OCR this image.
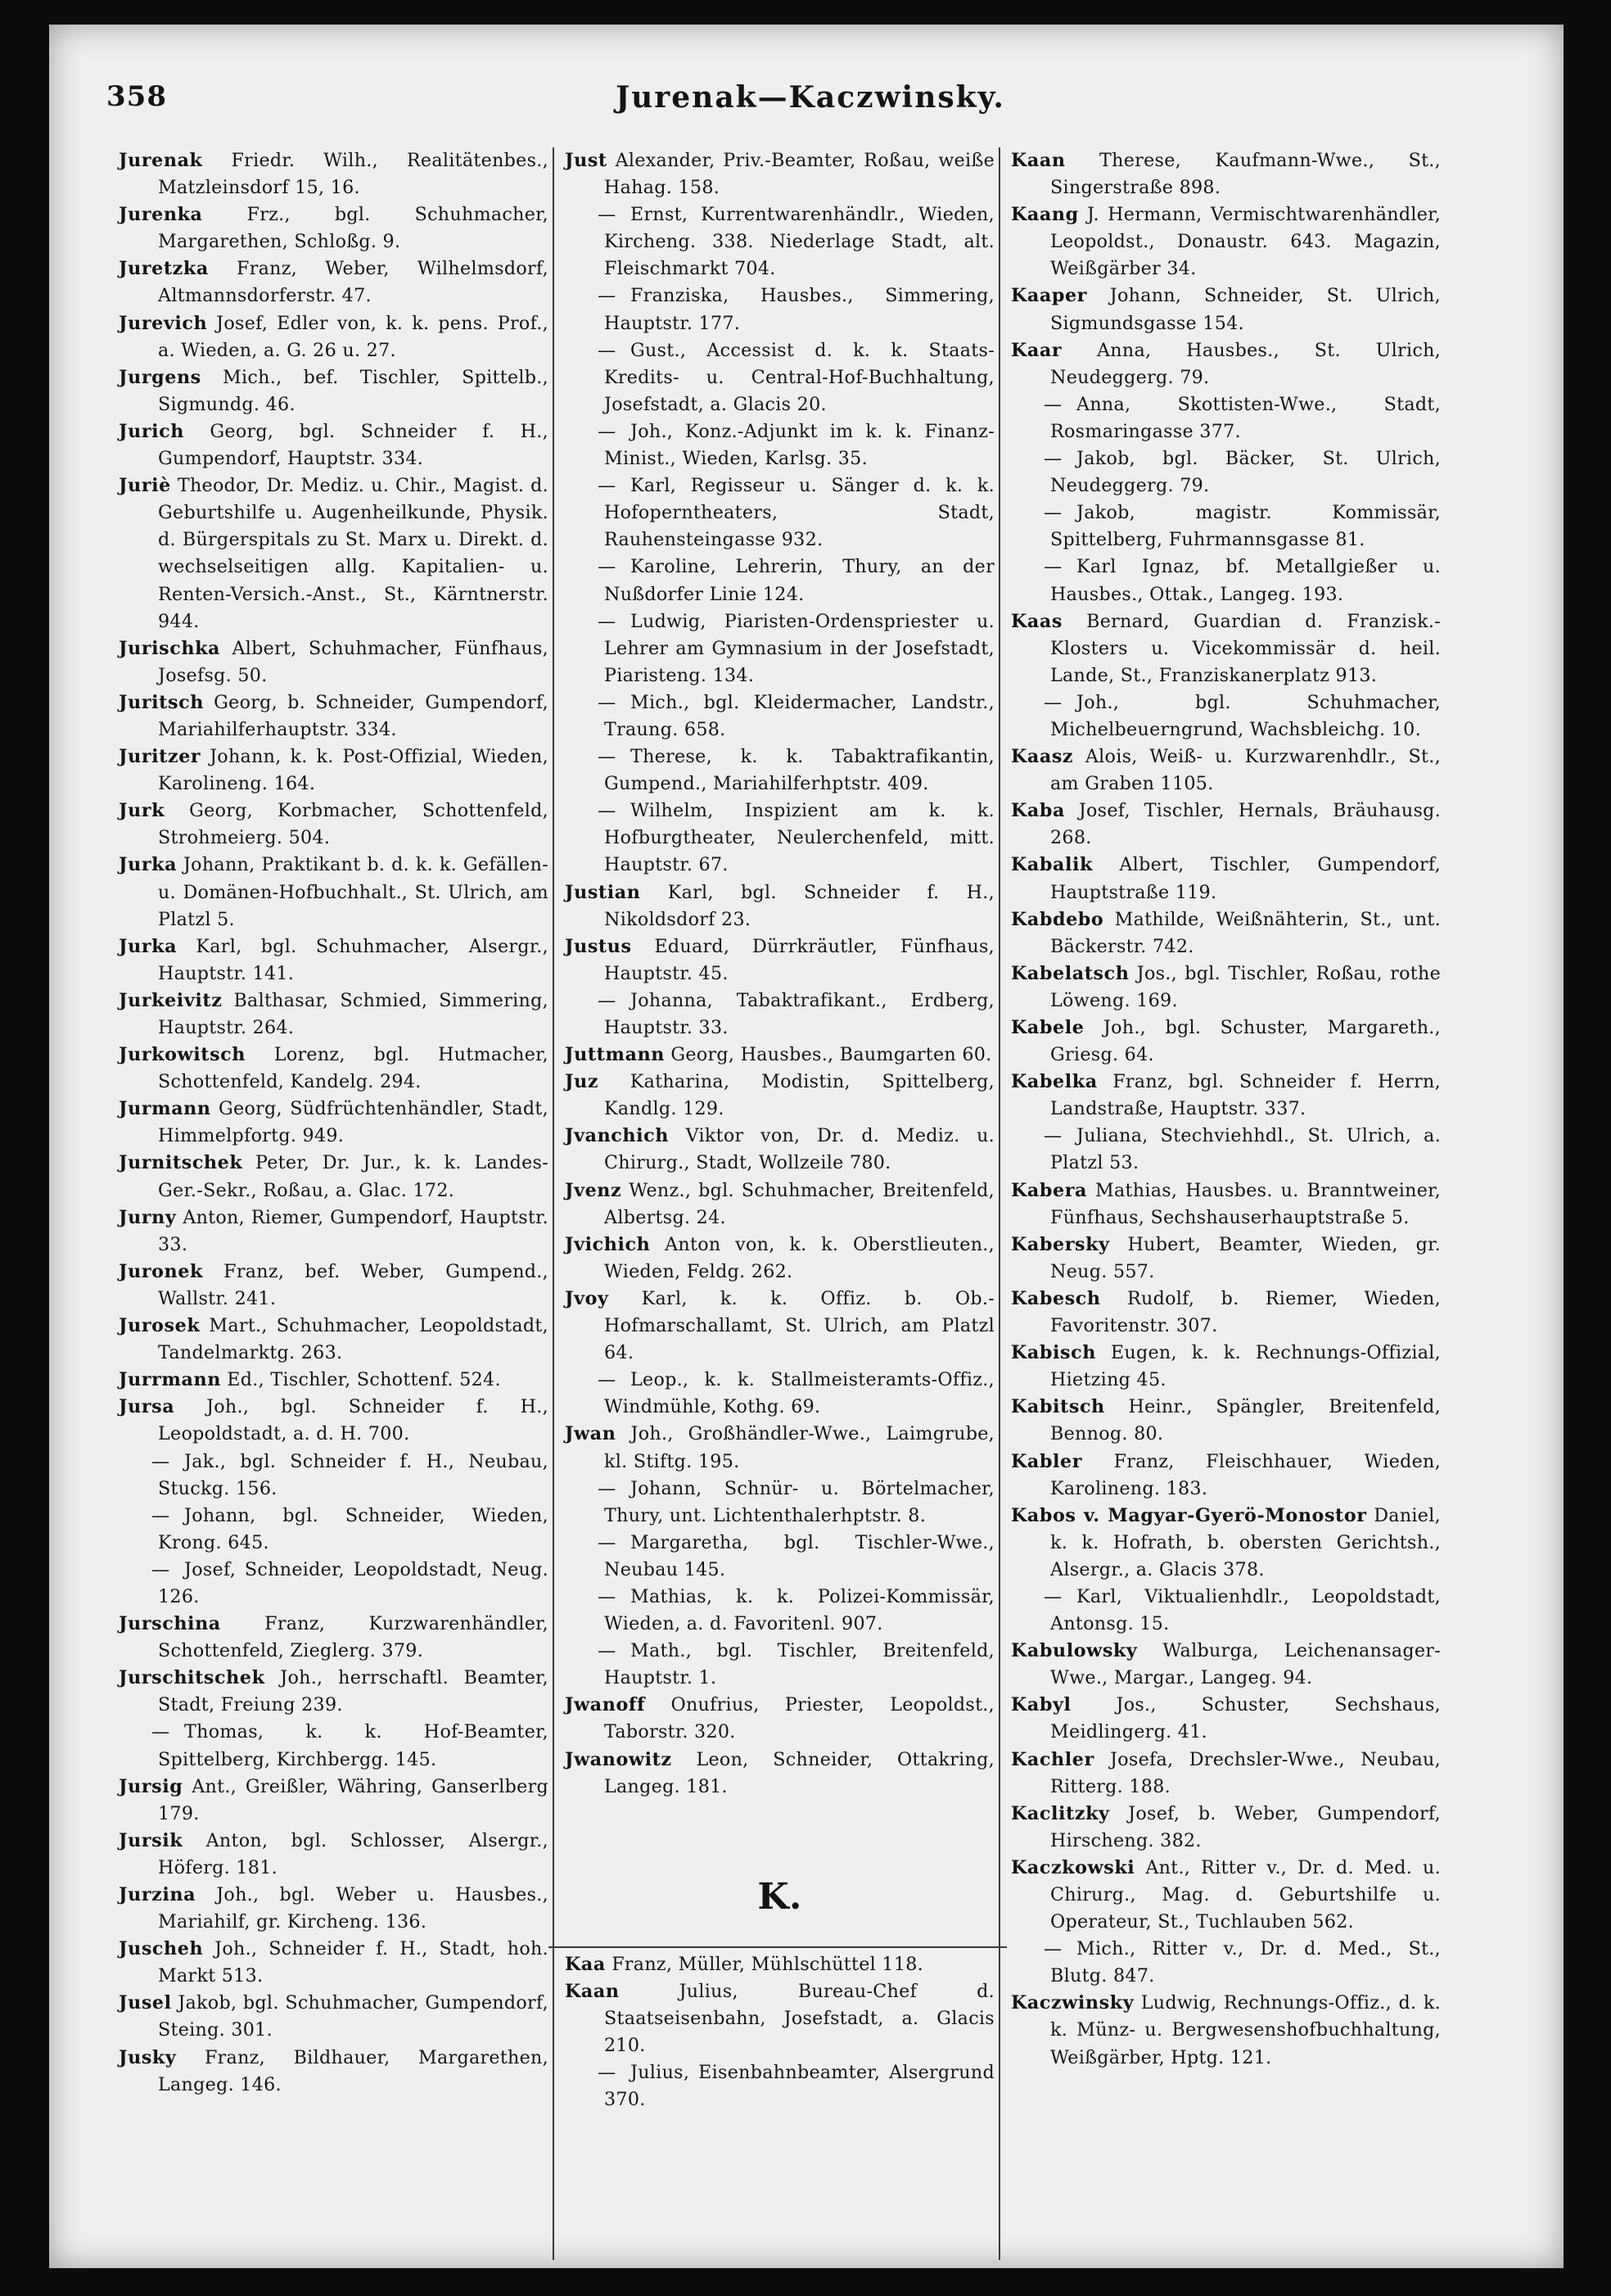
358	Jurenak—Kaczwinsky.
Jurenak Friedr. Wilh., Realitätenbes., Matzleinsdorf 15, 16.
Jurenka Frz., bgl. Schuhmacher, Margarethen, Schloßg. 9.
Juretzka Franz, Weber, Wilhelmsdorf, Altmannsdorferstr. 47.
Jurevich Josef, Edler von, k. k. pens. Prof., a. Wieden, a. G. 26 u. 27.
Jurgens Mich., bef. Tischler, Spittelb., Sigmundg. 46.
Jurich Georg, bgl. Schneider f. H., Gumpendorf, Hauptstr. 334.
Juriè Theodor, Dr. Mediz. u. Chir., Magist. d. Geburtshilfe u. Augenheilkunde, Physik. d. Bürgerspitals zu St. Marx u. Direkt. d. wechselseitigen allg. Kapitalien- u. Renten-Versich.-Anst., St., Kärntnerstr. 944.
Jurischka Albert, Schuhmacher, Fünfhaus, Josefsg. 50.
Juritsch Georg, b. Schneider, Gumpendorf, Mariahilferhauptstr. 334.
Juritzer Johann, k. k. Post-Offizial, Wieden, Karolineng. 164.
Jurk Georg, Korbmacher, Schottenfeld, Strohmeierg. 504.
Jurka Johann, Praktikant b. d. k. k. Gefällen- u. Domänen-Hofbuchhalt., St. Ulrich, am Platzl 5.
Jurka Karl, bgl. Schuhmacher, Alsergr., Hauptstr. 141.
Jurkeivitz Balthasar, Schmied, Simmering, Hauptstr. 264.
Jurkowitsch Lorenz, bgl. Hutmacher, Schottenfeld, Kandelg. 294.
Jurmann Georg, Südfrüchtenhändler, Stadt, Himmelpfortg. 949.
Jurnitschek Peter, Dr. Jur., k. k. Landes-Ger.-Sekr., Roßau, a. Glac. 172.
Jurny Anton, Riemer, Gumpendorf, Hauptstr. 33.
Juronek Franz, bef. Weber, Gumpend., Wallstr. 241.
Jurosek Mart., Schuhmacher, Leopoldstadt, Tandelmarktg. 263.
Jurrmann Ed., Tischler, Schottenf. 524.
Jursa Joh., bgl. Schneider f. H., Leopoldstadt, a. d. H. 700.
— Jak., bgl. Schneider f. H., Neubau, Stuckg. 156.
— Johann, bgl. Schneider, Wieden, Krong. 645.
— Josef, Schneider, Leopoldstadt, Neug. 126.
Jurschina Franz, Kurzwarenhändler, Schottenfeld, Zieglerg. 379.
Jurschitschek Joh., herrschaftl. Beamter, Stadt, Freiung 239.
— Thomas, k. k. Hof-Beamter, Spittelberg, Kirchbergg. 145.
Jursig Ant., Greißler, Währing, Ganserlberg 179.
Jursik Anton, bgl. Schlosser, Alsergr., Höferg. 181.
Jurzina Joh., bgl. Weber u. Hausbes., Mariahilf, gr. Kircheng. 136.
Juscheh Joh., Schneider f. H., Stadt, hoh. Markt 513.
Jusel Jakob, bgl. Schuhmacher, Gumpendorf, Steing. 301.
Jusky Franz, Bildhauer, Margarethen, Langeg. 146.
Just Alexander, Priv.-Beamter, Roßau, weiße Hahag. 158.
— Ernst, Kurrentwarenhändlr., Wieden, Kircheng. 338. Niederlage Stadt, alt. Fleischmarkt 704.
— Franziska, Hausbes., Simmering, Hauptstr. 177.
— Gust., Accessist d. k. k. Staats-Kredits- u. Central-Hof-Buchhaltung, Josefstadt, a. Glacis 20.
— Joh., Konz.-Adjunkt im k. k. Finanz-Minist., Wieden, Karlsg. 35.
— Karl, Regisseur u. Sänger d. k. k. Hofoperntheaters, Stadt, Rauhensteingasse 932.
— Karoline, Lehrerin, Thury, an der Nußdorfer Linie 124.
— Ludwig, Piaristen-Ordenspriester u. Lehrer am Gymnasium in der Josefstadt, Piaristeng. 134.
— Mich., bgl. Kleidermacher, Landstr., Traung. 658.
— Therese, k. k. Tabaktrafikantin, Gumpend., Mariahilferhptstr. 409.
— Wilhelm, Inspizient am k. k. Hofburgtheater, Neulerchenfeld, mitt. Hauptstr. 67.
Justian Karl, bgl. Schneider f. H., Nikoldsdorf 23.
Justus Eduard, Dürrkräutler, Fünfhaus, Hauptstr. 45.
— Johanna, Tabaktrafikant., Erdberg, Hauptstr. 33.
Juttmann Georg, Hausbes., Baumgarten 60.
Juz Katharina, Modistin, Spittelberg, Kandlg. 129.
Jvanchich Viktor von, Dr. d. Mediz. u. Chirurg., Stadt, Wollzeile 780.
Jvenz Wenz., bgl. Schuhmacher, Breitenfeld, Albertsg. 24.
Jvichich Anton von, k. k. Oberstlieuten., Wieden, Feldg. 262.
Jvoy Karl, k. k. Offiz. b. Ob.-Hofmarschallamt, St. Ulrich, am Platzl 64.
— Leop., k. k. Stallmeisteramts-Offiz., Windmühle, Kothg. 69.
Jwan Joh., Großhändler-Wwe., Laimgrube, kl. Stiftg. 195.
— Johann, Schnür- u. Börtelmacher, Thury, unt. Lichtenthalerhptstr. 8.
— Margaretha, bgl. Tischler-Wwe., Neubau 145.
— Mathias, k. k. Polizei-Kommissär, Wieden, a. d. Favoritenl. 907.
— Math., bgl. Tischler, Breitenfeld, Hauptstr. 1.
Jwanoff Onufrius, Priester, Leopoldst., Taborstr. 320.
Jwanowitz Leon, Schneider, Ottakring, Langeg. 181.
K.
Kaa Franz, Müller, Mühlschüttel 118.
Kaan	Julius, Bureau-Chef d. Staatseisenbahn, Josefstadt, a. Glacis 210.
— Julius, Eisenbahnbeamter, Alsergrund 370.
Kaan Therese, Kaufmann-Wwe., St., Singerstraße 898.
Kaang J. Hermann, Vermischtwarenhändler, Leopoldst., Donaustr. 643. Magazin, Weißgärber 34.
Kaaper Johann, Schneider, St. Ulrich, Sigmundsgasse 154.
Kaar Anna, Hausbes., St. Ulrich, Neudeggerg. 79.
— Anna, Skottisten-Wwe., Stadt, Rosmaringasse 377.
— Jakob, bgl. Bäcker, St. Ulrich, Neudeggerg. 79.
— Jakob, magistr. Kommissär, Spittelberg, Fuhrmannsgasse 81.
— Karl Ignaz, bf. Metallgießer u. Hausbes., Ottak., Langeg. 193.
Kaas Bernard, Guardian d. Franzisk.-Klosters u. Vicekommissär d. heil. Lande, St., Franziskanerplatz 913.
— Joh., bgl. Schuhmacher, Michelbeuerngrund, Wachsbleichg. 10.
Kaasz Alois, Weiß- u. Kurzwarenhdlr., St., am Graben 1105.
Kaba Josef, Tischler, Hernals, Bräuhausg. 268.
Kabalik Albert, Tischler, Gumpendorf, Hauptstraße 119.
Kabdebo Mathilde, Weißnähterin, St., unt. Bäckerstr. 742.
Kabelatsch Jos., bgl. Tischler, Roßau, rothe Löweng. 169.
Kabele Joh., bgl. Schuster, Margareth., Griesg. 64.
Kabelka Franz, bgl. Schneider f. Herrn, Landstraße, Hauptstr. 337.
— Juliana, Stechviehhdl., St. Ulrich, a. Platzl 53.
Kabera Mathias, Hausbes. u. Branntweiner, Fünfhaus, Sechshauserhauptstraße 5.
Kabersky Hubert, Beamter, Wieden, gr. Neug. 557.
Kabesch Rudolf, b. Riemer, Wieden, Favoritenstr. 307.
Kabisch Eugen, k. k. Rechnungs-Offizial, Hietzing 45.
Kabitsch Heinr., Spängler, Breitenfeld, Bennog. 80.
Kabler Franz, Fleischhauer, Wieden, Karolineng. 183.
Kabos v. Magyar-Gyerö-Monostor Daniel, k. k. Hofrath, b. obersten Gerichtsh., Alsergr., a. Glacis 378.
— Karl, Viktualienhdlr., Leopoldstadt, Antonsg. 15.
Kabulowsky Walburga, Leichenansager-Wwe., Margar., Langeg. 94.
Kabyl Jos., Schuster, Sechshaus, Meidlingerg. 41.
Kachler Josefa, Drechsler-Wwe., Neubau, Ritterg. 188.
Kaclitzky Josef, b. Weber, Gumpendorf, Hirscheng. 382.
Kaczkowski Ant., Ritter v., Dr. d. Med. u. Chirurg., Mag. d. Geburtshilfe u. Operateur, St., Tuchlauben 562.
— Mich., Ritter v., Dr. d. Med., St., Blutg. 847.
Kaczwinsky Ludwig, Rechnungs-Offiz., d. k. k. Münz- u. Bergwesenshofbuchhaltung, Weißgärber, Hptg. 121.
